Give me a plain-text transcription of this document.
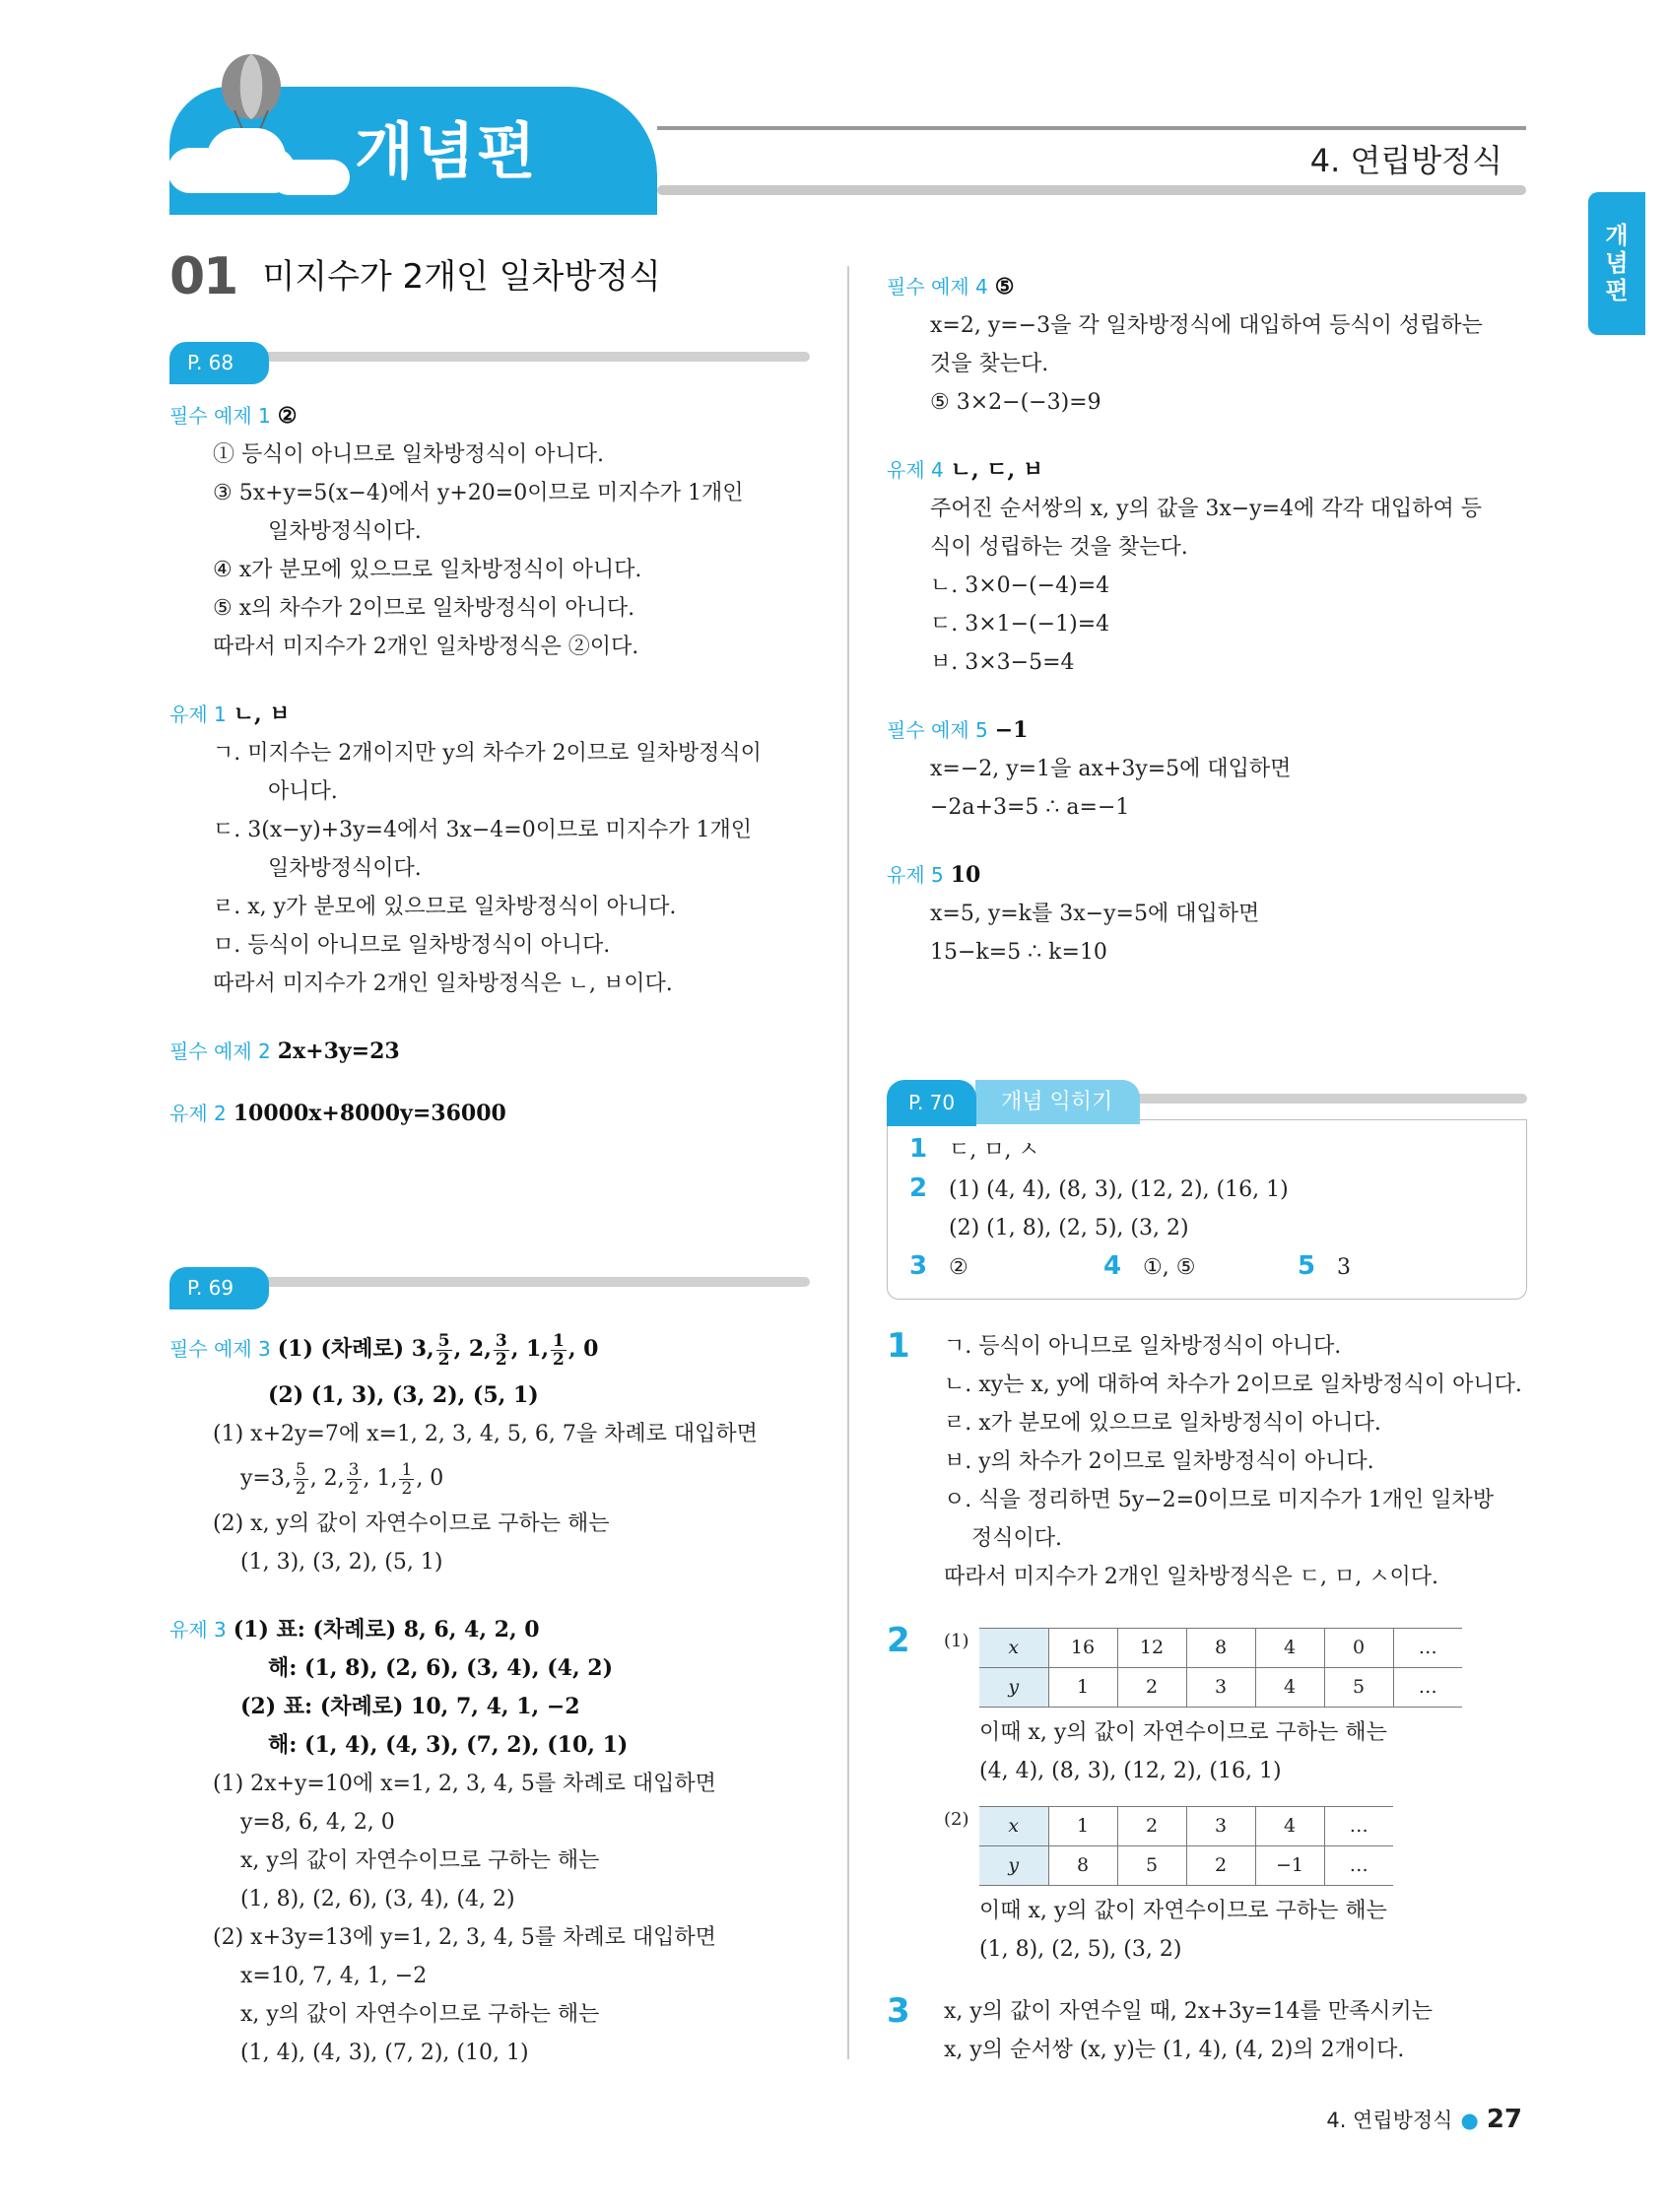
개념편	4. 연립방정식
개
념
편
01 미지수가 2개인 일차방정식
P. 68
필수 예제 1 ②
① 등식이 아니므로 일차방정식이 아니다.
③ 5x+y=5(x−4)에서 y+20=0이므로 미지수가 1개인
일차방정식이다.
④ x가 분모에 있으므로 일차방정식이 아니다.
⑤ x의 차수가 2이므로 일차방정식이 아니다.
따라서 미지수가 2개인 일차방정식은 ②이다.
유제 1 ㄴ, ㅂ
ㄱ. 미지수는 2개이지만 y의 차수가 2이므로 일차방정식이
아니다.
ㄷ. 3(x−y)+3y=4에서 3x−4=0이므로 미지수가 1개인
일차방정식이다.
ㄹ. x, y가 분모에 있으므로 일차방정식이 아니다.
ㅁ. 등식이 아니므로 일차방정식이 아니다.
따라서 미지수가 2개인 일차방정식은 ㄴ, ㅂ이다.
필수 예제 2 2x+3y=23
유제 2 10000x+8000y=36000
P. 69
필수 예제 3 (1) (차례로) 3, $\frac{5}{2}$ , 2, $\frac{3}{2}$ , 1, $\frac{1}{2}$ , 0
(2) (1, 3), (3, 2), (5, 1)
(1) x+2y=7에 x=1, 2, 3, 4, 5, 6, 7을 차례로 대입하면
y=3, $\frac{5}{2}$ , 2, $\frac{3}{2}$ , 1, $\frac{1}{2}$ , 0
(2) x, y의 값이 자연수이므로 구하는 해는
(1, 3), (3, 2), (5, 1)
유제 3 (1) 표: (차례로) 8, 6, 4, 2, 0
해: (1, 8), (2, 6), (3, 4), (4, 2)
(2) 표: (차례로) 10, 7, 4, 1, −2
해: (1, 4), (4, 3), (7, 2), (10, 1)
(1) 2x+y=10에 x=1, 2, 3, 4, 5를 차례로 대입하면
y=8, 6, 4, 2, 0
x, y의 값이 자연수이므로 구하는 해는
(1, 8), (2, 6), (3, 4), (4, 2)
(2) x+3y=13에 y=1, 2, 3, 4, 5를 차례로 대입하면
x=10, 7, 4, 1, −2
x, y의 값이 자연수이므로 구하는 해는
(1, 4), (4, 3), (7, 2), (10, 1)
필수 예제 4 ⑤
x=2, y=−3을 각 일차방정식에 대입하여 등식이 성립하는
것을 찾는다.
⑤ 3×2−(−3)=9
유제 4 ㄴ, ㄷ, ㅂ
주어진 순서쌍의 x, y의 값을 3x−y=4에 각각 대입하여 등
식이 성립하는 것을 찾는다.
ㄴ. 3×0−(−4)=4
ㄷ. 3×1−(−1)=4
ㅂ. 3×3−5=4
필수 예제 5 −1
x=−2, y=1을 ax+3y=5에 대입하면
−2a+3=5 ∴ a=−1
유제 5 10
x=5, y=k를 3x−y=5에 대입하면
15−k=5 ∴ k=10
P. 70	개념 익히기
1 ㄷ, ㅁ, ㅅ
2 (1) (4, 4), (8, 3), (12, 2), (16, 1)
(2) (1, 8), (2, 5), (3, 2)
3 ②	4 ①, ⑤	5 3
1	ㄱ. 등식이 아니므로 일차방정식이 아니다.
ㄴ. xy는 x, y에 대하여 차수가 2이므로 일차방정식이 아니다.
ㄹ. x가 분모에 있으므로 일차방정식이 아니다.
ㅂ. y의 차수가 2이므로 일차방정식이 아니다.
ㅇ. 식을 정리하면 5y−2=0이므로 미지수가 1개인 일차방
정식이다.
따라서 미지수가 2개인 일차방정식은 ㄷ, ㅁ, ㅅ이다.
2	(1)	x	16	12	8	4	0	…
y	1	2	3	4	5	…
이때 x, y의 값이 자연수이므로 구하는 해는
(4, 4), (8, 3), (12, 2), (16, 1)
(2)	x	1	2	3	4	…
y	8	5	2	−1	…
이때 x, y의 값이 자연수이므로 구하는 해는
(1, 8), (2, 5), (3, 2)
3	x, y의 값이 자연수일 때, 2x+3y=14를 만족시키는
x, y의 순서쌍 (x, y)는 (1, 4), (4, 2)의 2개이다.
4. 연립방정식 ● 27
